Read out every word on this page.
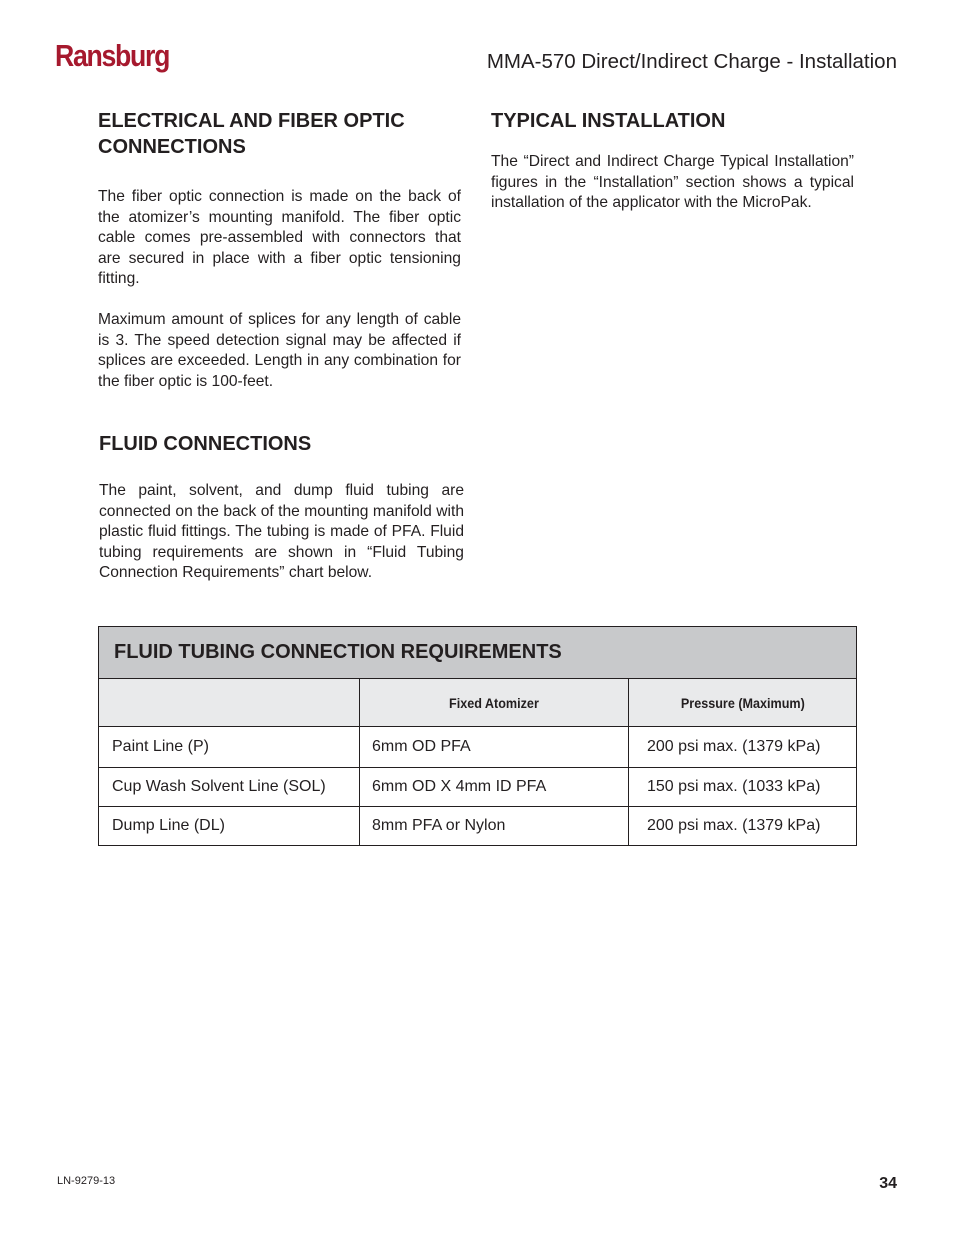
Ransburg	MMA-570 Direct/Indirect Charge - Installation
ELECTRICAL AND FIBER OPTIC
CONNECTIONS

The fiber optic connection is made on the back of the atomizer’s mounting manifold. The fiber optic cable comes pre-assembled with connectors that are secured in place with a fiber optic tensioning fitting.

Maximum amount of splices for any length of cable is 3. The speed detection signal may be affected if splices are exceeded. Length in any combination for the fiber optic is 100-feet.

FLUID CONNECTIONS

The paint, solvent, and dump fluid tubing are connected on the back of the mounting manifold with plastic fluid fittings. The tubing is made of PFA. Fluid tubing requirements are shown in “Fluid Tubing Connection Requirements” chart below.

TYPICAL INSTALLATION

The “Direct and Indirect Charge Typical Installation” figures in the “Installation” section shows a typical installation of the applicator with the MicroPak.

FLUID TUBING CONNECTION REQUIREMENTS		
	Fixed Atomizer	Pressure (Maximum)
Paint Line (P)	6mm OD PFA	200 psi max. (1379 kPa)
Cup Wash Solvent Line (SOL)	6mm OD X 4mm ID PFA	150 psi max. (1033 kPa)
Dump Line (DL)	8mm PFA or Nylon	200 psi max. (1379 kPa)
LN-9279-13	34
